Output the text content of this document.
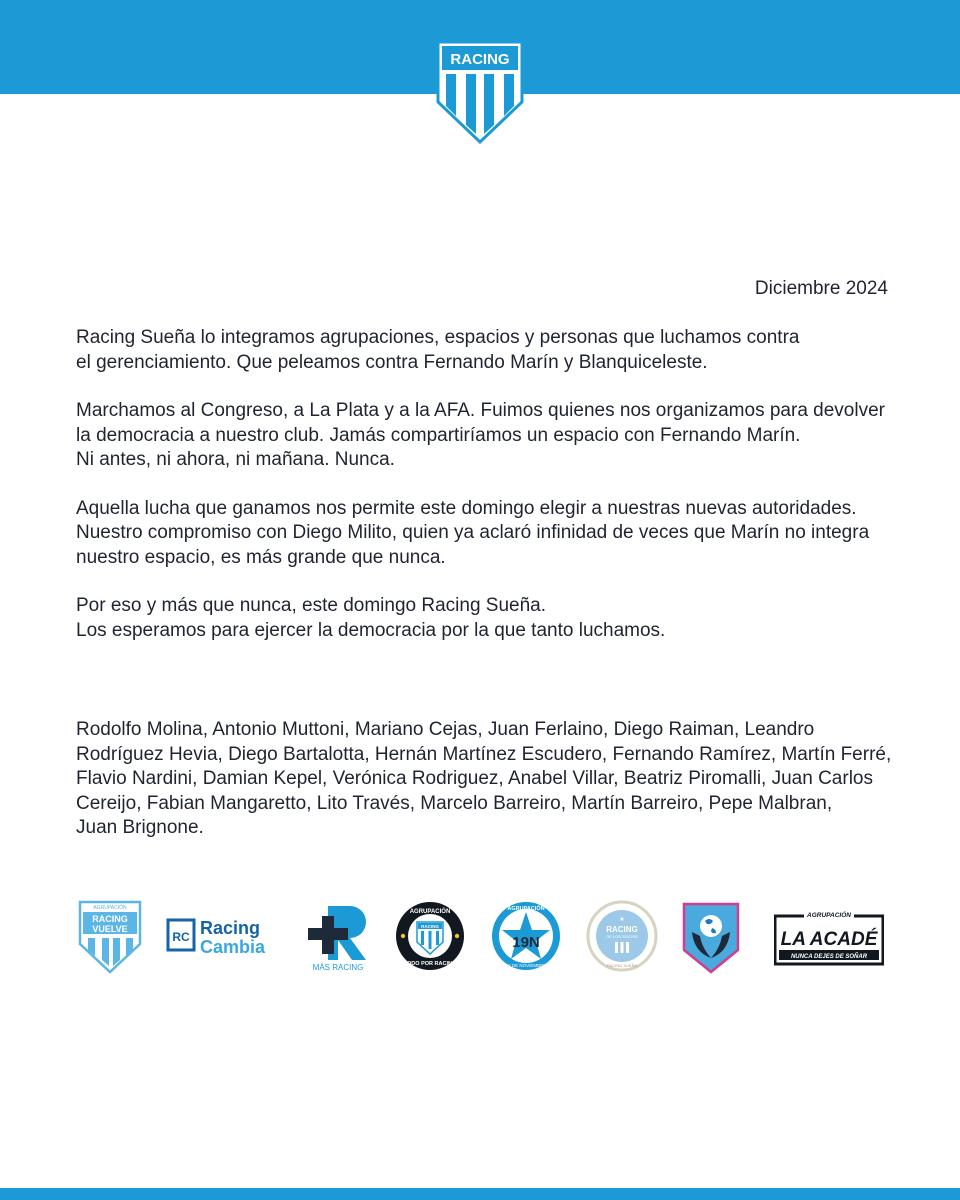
RACING
Diciembre 2024

Racing Sueña lo integramos agrupaciones, espacios y personas que luchamos contra
el gerenciamiento. Que peleamos contra Fernando Marín y Blanquiceleste.

Marchamos al Congreso, a La Plata y a la AFA. Fuimos quienes nos organizamos para devolver
la democracia a nuestro club. Jamás compartiríamos un espacio con Fernando Marín.
Ni antes, ni ahora, ni mañana. Nunca.

Aquella lucha que ganamos nos permite este domingo elegir a nuestras nuevas autoridades.
Nuestro compromiso con Diego Milito, quien ya aclaró infinidad de veces que Marín no integra
nuestro espacio, es más grande que nunca.

Por eso y más que nunca, este domingo Racing Sueña.
Los esperamos para ejercer la democracia por la que tanto luchamos.

Rodolfo Molina, Antonio Muttoni, Mariano Cejas, Juan Ferlaino, Diego Raiman, Leandro
Rodríguez Hevia, Diego Bartalotta, Hernán Martínez Escudero, Fernando Ramírez, Martín Ferré,
Flavio Nardini, Damian Kepel, Verónica Rodriguez, Anabel Villar, Beatriz Piromalli, Juan Carlos
Cereijo, Fabian Mangaretto, Lito Través, Marcelo Barreiro, Martín Barreiro, Pepe Malbran,
Juan Brignone.

AGRUPACIÓN
RACING
VUELVE
RC Racing
Cambia
MÁS RACING
AGRUPACIÓN
TODO POR RACING
RACING
AGRUPACIÓN
19N
19 DE NOVIEMBRE
★
RACING
DE LOS SOCIOS
RACING SUEÑA
AGRUPACIÓN
LA ACADÉ
NUNCA DEJES DE SOÑAR
